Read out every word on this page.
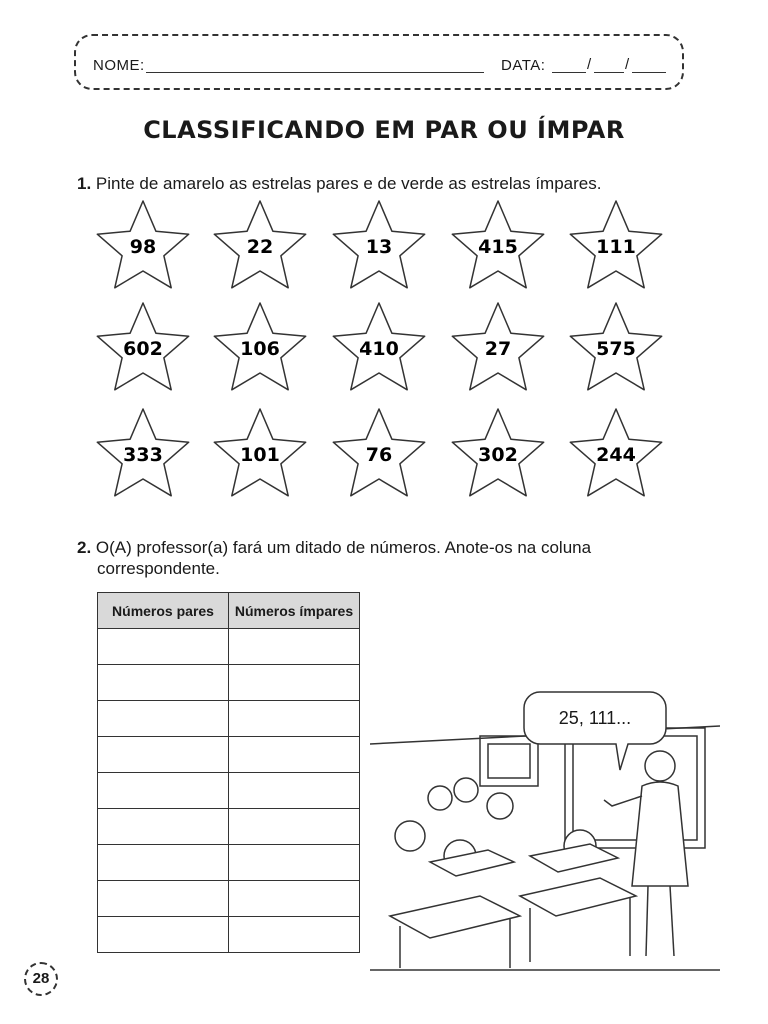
NOME:	DATA:	/ /
CLASSIFICANDO EM PAR OU ÍMPAR
1. Pinte de amarelo as estrelas pares e de verde as estrelas ímpares.
98	22	13	415	111
602	106	410	27	575
333	101	76	302	244
2. O(A) professor(a) fará um ditado de números. Anote-os na coluna
correspondente.
Números pares	Números ímpares

25, 111...
28
